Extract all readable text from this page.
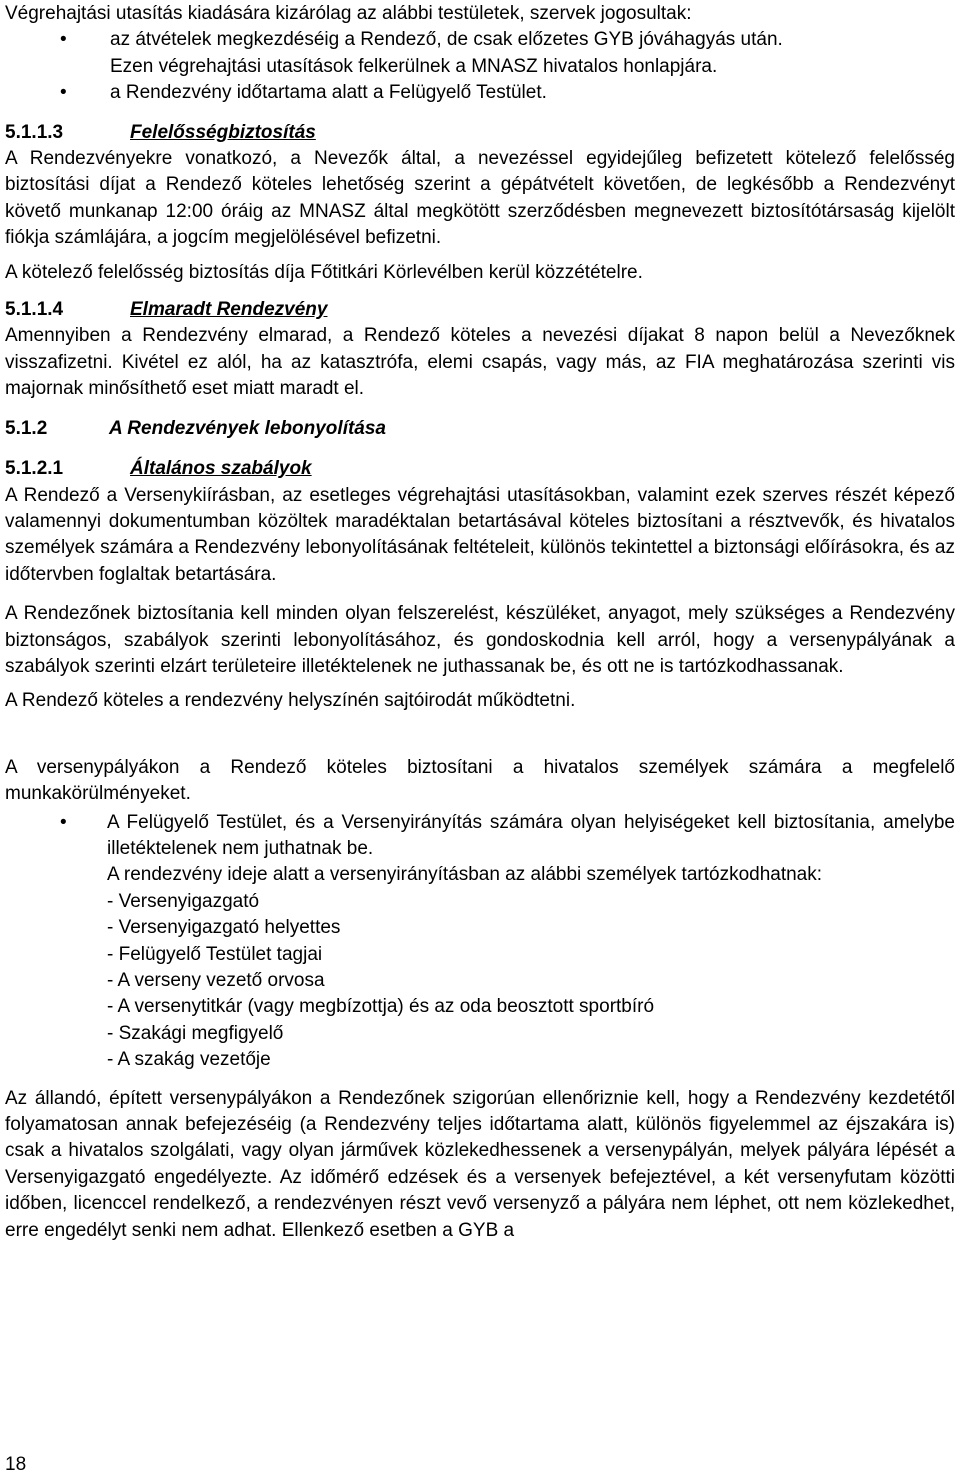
Végrehajtási utasítás kiadására kizárólag az alábbi testületek, szervek jogosultak:

• az átvételek megkezdéséig a Rendező, de csak előzetes GYB jóváhagyás után.

Ezen végrehajtási utasítások felkerülnek a MNASZ hivatalos honlapjára.

• a Rendezvény időtartama alatt a Felügyelő Testület.

5.1.1.3	Felelősségbiztosítás

A Rendezvényekre vonatkozó, a Nevezők által, a nevezéssel egyidejűleg befizetett kötelező felelősség biztosítási díjat a Rendező köteles lehetőség szerint a gépátvételt követően, de legkésőbb a Rendezvényt követő munkanap 12:00 óráig az MNASZ által megkötött szerződésben megnevezett biztosítótársaság kijelölt fiókja számlájára, a jogcím megjelölésével befizetni.

A kötelező felelősség biztosítás díja Főtitkári Körlevélben kerül közzétételre.

5.1.1.4	Elmaradt Rendezvény

Amennyiben a Rendezvény elmarad, a Rendező köteles a nevezési díjakat 8 napon belül a Nevezőknek visszafizetni. Kivétel ez alól, ha az katasztrófa, elemi csapás, vagy más, az FIA meghatározása szerinti vis majornak minősíthető eset miatt maradt el.

5.1.2	A Rendezvények lebonyolítása

5.1.2.1	Általános szabályok

A Rendező a Versenykiírásban, az esetleges végrehajtási utasításokban, valamint ezek szerves részét képező valamennyi dokumentumban közöltek maradéktalan betartásával köteles biztosítani a résztvevők, és hivatalos személyek számára a Rendezvény lebonyolításának feltételeit, különös tekintettel a biztonsági előírásokra, és az időtervben foglaltak betartására.

A Rendezőnek biztosítania kell minden olyan felszerelést, készüléket, anyagot, mely szükséges a Rendezvény biztonságos, szabályok szerinti lebonyolításához, és gondoskodnia kell arról, hogy a versenypályának a szabályok szerinti elzárt területeire illetéktelenek ne juthassanak be, és ott ne is tartózkodhassanak.

A Rendező köteles a rendezvény helyszínén sajtóirodát működtetni.

A versenypályákon a Rendező köteles biztosítani a hivatalos személyek számára a megfelelő munkakörülményeket.

• A Felügyelő Testület, és a Versenyirányítás számára olyan helyiségeket kell biztosítania, amelybe illetéktelenek nem juthatnak be.

A rendezvény ideje alatt a versenyirányításban az alábbi személyek tartózkodhatnak:

- Versenyigazgató

- Versenyigazgató helyettes

- Felügyelő Testület tagjai

- A verseny vezető orvosa

- A versenytitkár (vagy megbízottja) és az oda beosztott sportbíró

- Szakági megfigyelő

- A szakág vezetője

Az állandó, épített versenypályákon a Rendezőnek szigorúan ellenőriznie kell, hogy a Rendezvény kezdetétől folyamatosan annak befejezéséig (a Rendezvény teljes időtartama alatt, különös figyelemmel az éjszakára is) csak a hivatalos szolgálati, vagy olyan járművek közlekedhessenek a versenypályán, melyek pályára lépését a Versenyigazgató engedélyezte. Az időmérő edzések és a versenyek befejeztével, a két versenyfutam közötti időben, licenccel rendelkező, a rendezvényen részt vevő versenyző a pályára nem léphet, ott nem közlekedhet, erre engedélyt senki nem adhat. Ellenkező esetben a GYB a

18
